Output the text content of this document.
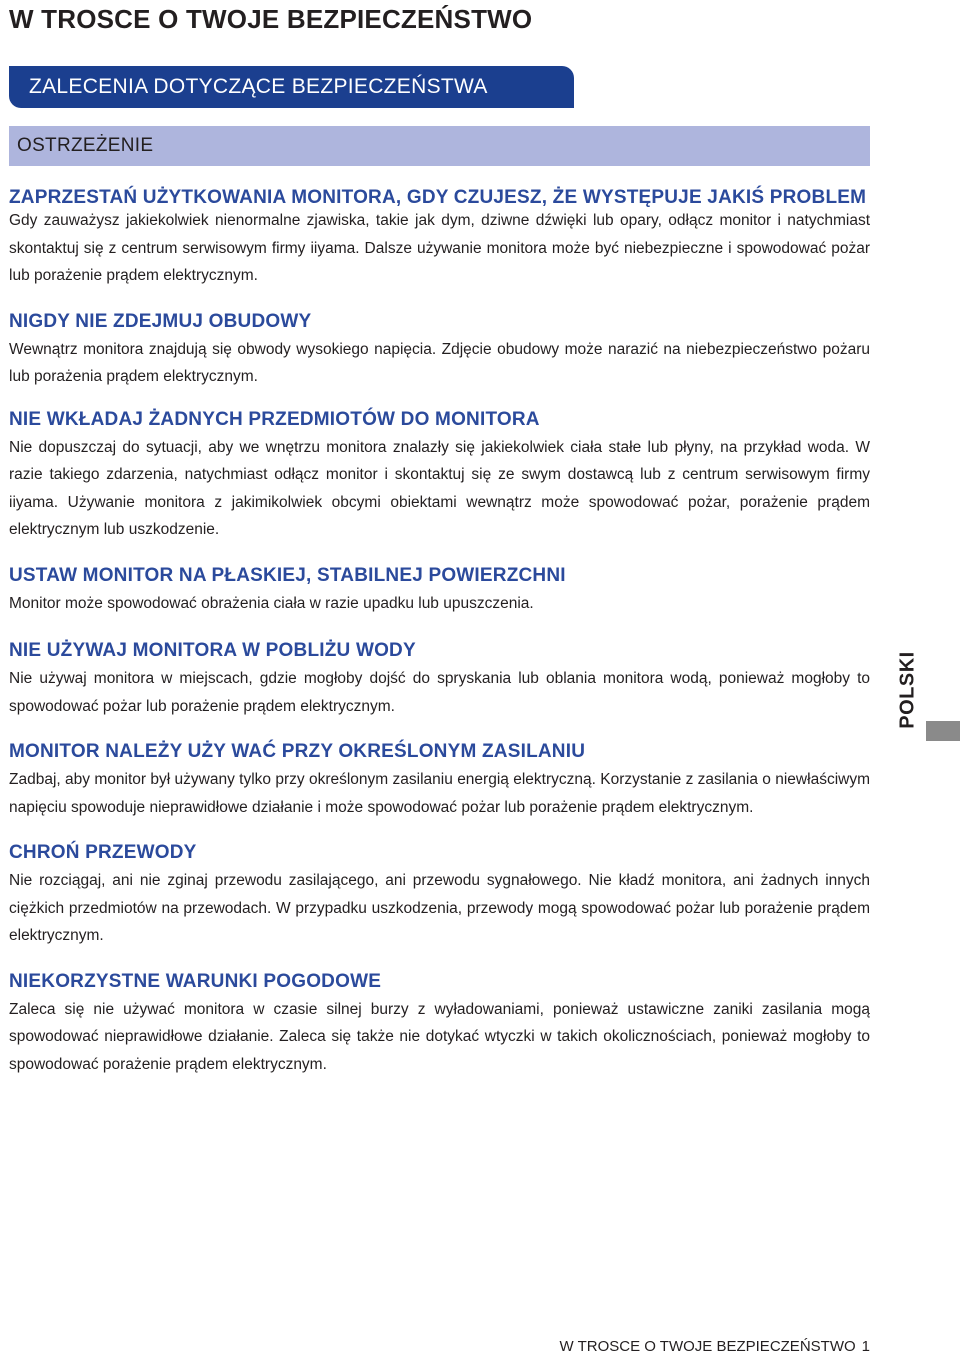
W TROSCE O TWOJE BEZPIECZEŃSTWO
ZALECENIA DOTYCZĄCE BEZPIECZEŃSTWA
OSTRZEŻENIE
ZAPRZESTAŃ UŻYTKOWANIA MONITORA, GDY CZUJESZ, ŻE WYSTĘPUJE JAKIŚ PROBLEM

Gdy zauważysz jakiekolwiek nienormalne zjawiska, takie jak dym, dziwne dźwięki lub opary, odłącz monitor i natychmiast skontaktuj się z centrum serwisowym firmy iiyama. Dalsze używanie monitora może być niebezpieczne i spowodować pożar lub porażenie prądem elektrycznym.

NIGDY NIE ZDEJMUJ OBUDOWY

Wewnątrz monitora znajdują się obwody wysokiego napięcia. Zdjęcie obudowy może narazić na niebezpieczeństwo pożaru lub porażenia prądem elektrycznym.

NIE WKŁADAJ ŻADNYCH PRZEDMIOTÓW DO MONITORA

Nie dopuszczaj do sytuacji, aby we wnętrzu monitora znalazły się jakiekolwiek ciała stałe lub płyny, na przykład woda. W razie takiego zdarzenia, natychmiast odłącz monitor i skontaktuj się ze swym dostawcą lub z centrum serwisowym firmy iiyama. Używanie monitora z jakimikolwiek obcymi obiektami wewnątrz może spowodować pożar, porażenie prądem elektrycznym lub uszkodzenie.

USTAW MONITOR NA PŁASKIEJ, STABILNEJ POWIERZCHNI

Monitor może spowodować obrażenia ciała w razie upadku lub upuszczenia.

NIE UŻYWAJ MONITORA W POBLIŻU WODY

Nie używaj monitora w miejscach, gdzie mogłoby dojść do spryskania lub oblania monitora wodą, ponieważ mogłoby to spowodować pożar lub porażenie prądem elektrycznym.

MONITOR NALEŻY UŻY WAĆ PRZY OKREŚLONYM ZASILANIU

Zadbaj, aby monitor był używany tylko przy określonym zasilaniu energią elektryczną. Korzystanie z zasilania o niewłaściwym napięciu spowoduje nieprawidłowe działanie i może spowodować pożar lub porażenie prądem elektrycznym.

CHROŃ PRZEWODY

Nie rozciągaj, ani nie zginaj przewodu zasilającego, ani przewodu sygnałowego. Nie kładź monitora, ani żadnych innych ciężkich przedmiotów na przewodach. W przypadku uszkodzenia, przewody mogą spowodować pożar lub porażenie prądem elektrycznym.

NIEKORZYSTNE WARUNKI POGODOWE

Zaleca się nie używać monitora w czasie silnej burzy z wyładowaniami, ponieważ ustawiczne zaniki zasilania mogą spowodować nieprawidłowe działanie. Zaleca się także nie dotykać wtyczki w takich okolicznościach, ponieważ mogłoby to spowodować porażenie prądem elektrycznym.

POLSKI
W TROSCE O TWOJE BEZPIECZEŃSTWO 1
